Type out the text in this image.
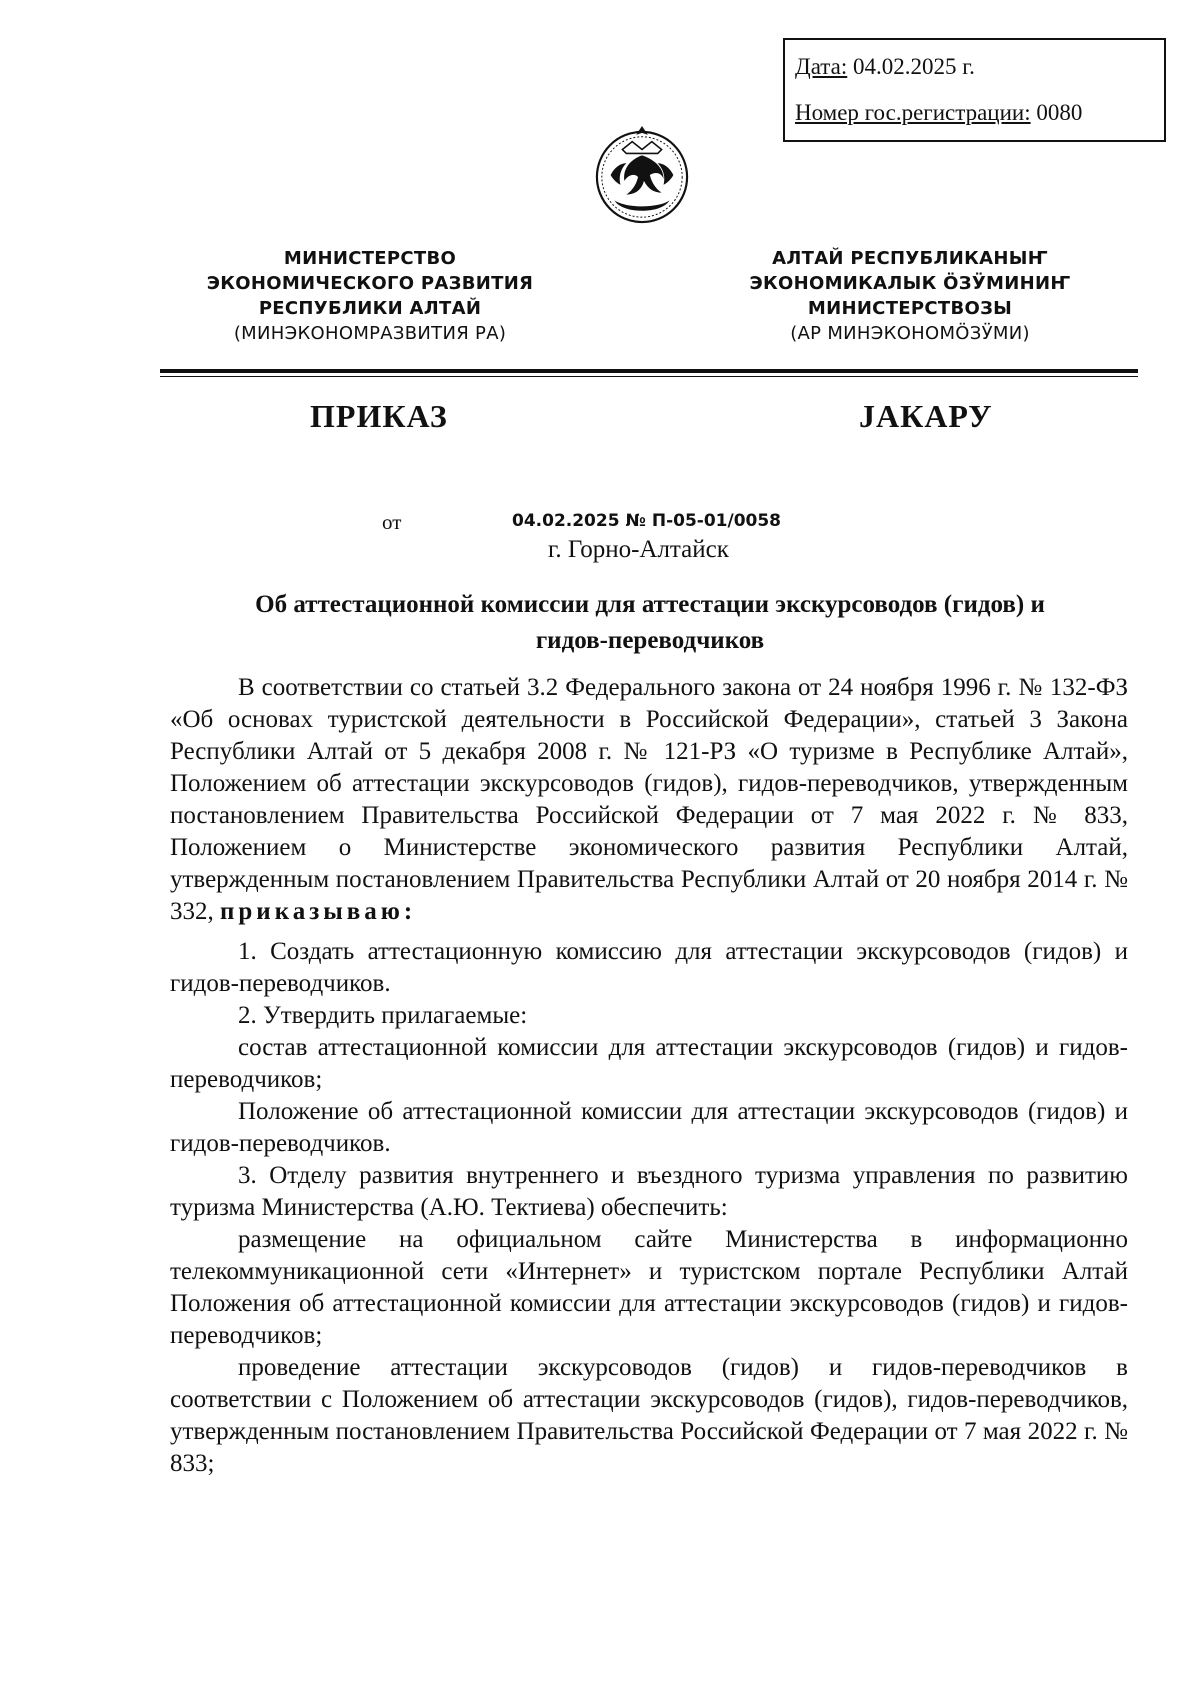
Дата: 04.02.2025 г.
Номер гос.регистрации: 0080
МИНИСТЕРСТВО
ЭКОНОМИЧЕСКОГО РАЗВИТИЯ
РЕСПУБЛИКИ АЛТАЙ
(МИНЭКОНОМРАЗВИТИЯ РА)
АЛТАЙ РЕСПУБЛИКАНЫҤ
ЭКОНОМИКАЛЫК ÖЗӰМИНИҤ
МИНИСТЕРСТВОЗЫ
(АР МИНЭКОНОМÖЗӰМИ)
ПРИКАЗ	JАКАРУ
от	04.02.2025 № П-05-01/0058
г. Горно-Алтайск
Об аттестационной комиссии для аттестации экскурсоводов (гидов) и
гидов-переводчиков

В соответствии со статьей 3.2 Федерального закона от 24 ноября 1996 г. № 132-ФЗ «Об основах туристской деятельности в Российской Федерации», статьей 3 Закона Республики Алтай от 5 декабря 2008 г. № 121-РЗ «О туризме в Республике Алтай», Положением об аттестации экскурсоводов (гидов), гидов-переводчиков, утвержденным постановлением Правительства Российской Федерации от 7 мая 2022 г. № 833, Положением о Министерстве экономического развития Республики Алтай, утвержденным постановлением Правительства Республики Алтай от 20 ноября 2014 г. № 332, приказываю:

1. Создать аттестационную комиссию для аттестации экскурсоводов (гидов) и гидов-переводчиков.

2. Утвердить прилагаемые:

состав аттестационной комиссии для аттестации экскурсоводов (гидов) и гидов-переводчиков;

Положение об аттестационной комиссии для аттестации экскурсоводов (гидов) и гидов-переводчиков.

3. Отделу развития внутреннего и въездного туризма управления по развитию туризма Министерства (А.Ю. Тектиева) обеспечить:

размещение на официальном сайте Министерства в информационно телекоммуникационной сети «Интернет» и туристском портале Республики Алтай Положения об аттестационной комиссии для аттестации экскурсоводов (гидов) и гидов-переводчиков;

проведение аттестации экскурсоводов (гидов) и гидов-переводчиков в соответствии с Положением об аттестации экскурсоводов (гидов), гидов-переводчиков, утвержденным постановлением Правительства Российской Федерации от 7 мая 2022 г. № 833;
